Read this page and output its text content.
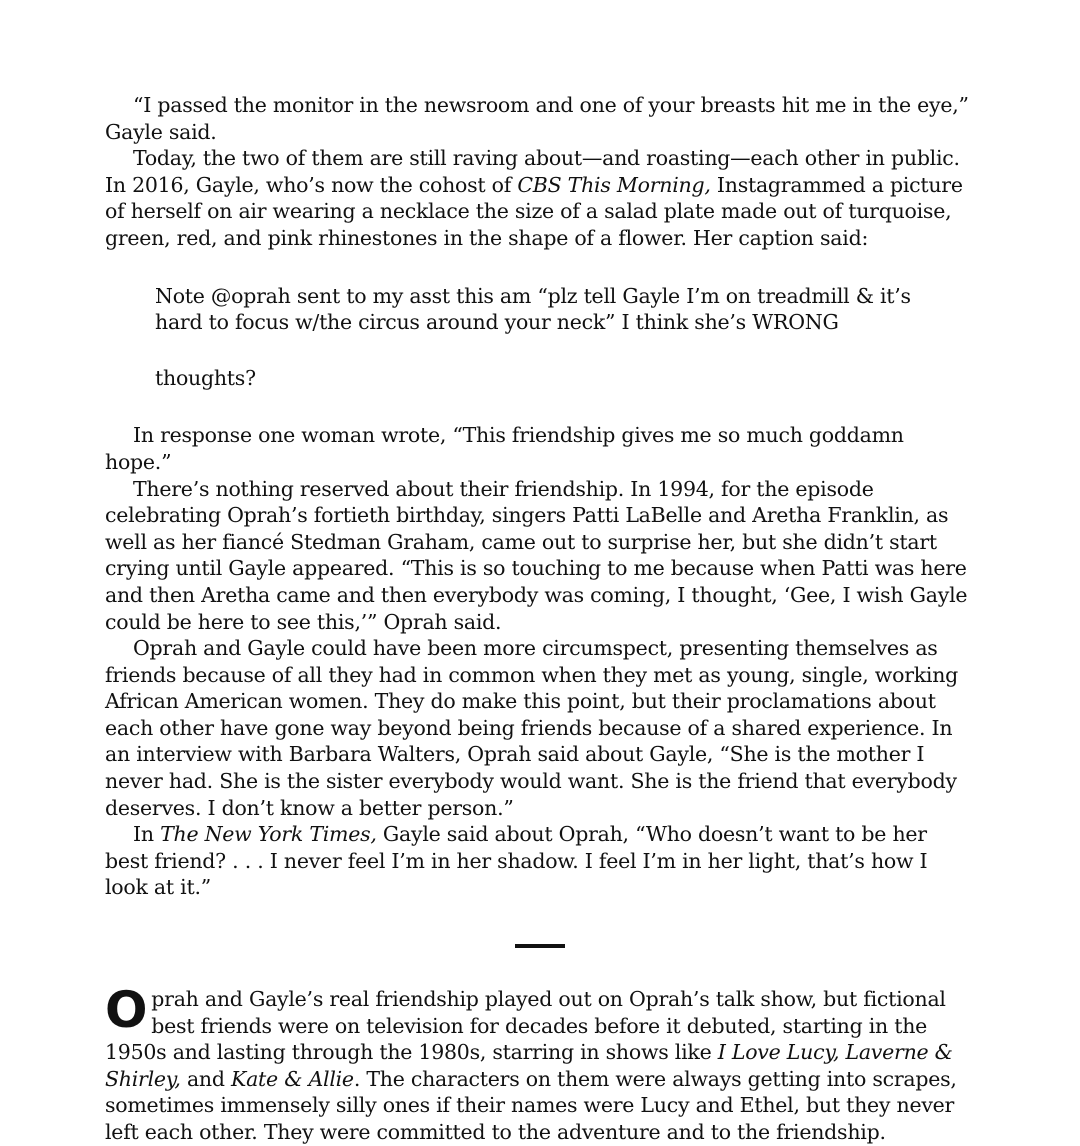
“I passed the monitor in the newsroom and one of your breasts hit me in the eye,” Gayle said.

Today, the two of them are still raving about—and roasting—each other in public. In 2016, Gayle, who’s now the cohost of CBS This Morning, Instagrammed a picture of herself on air wearing a necklace the size of a salad plate made out of turquoise, green, red, and pink rhinestones in the shape of a flower. Her caption said:

Note @oprah sent to my asst this am “plz tell Gayle I’m on treadmill & it’s hard to focus w/the circus around your neck” I think she’s WRONG

thoughts?

In response one woman wrote, “This friendship gives me so much goddamn hope.”

There’s nothing reserved about their friendship. In 1994, for the episode celebrating Oprah’s fortieth birthday, singers Patti LaBelle and Aretha Franklin, as well as her fiancé Stedman Graham, came out to surprise her, but she didn’t start crying until Gayle appeared. “This is so touching to me because when Patti was here and then Aretha came and then everybody was coming, I thought, ‘Gee, I wish Gayle could be here to see this,’” Oprah said.

Oprah and Gayle could have been more circumspect, presenting themselves as friends because of all they had in common when they met as young, single, working African American women. They do make this point, but their proclamations about each other have gone way beyond being friends because of a shared experience. In an interview with Barbara Walters, Oprah said about Gayle, “She is the mother I never had. She is the sister everybody would want. She is the friend that everybody deserves. I don’t know a better person.”

In The New York Times, Gayle said about Oprah, “Who doesn’t want to be her best friend? . . . I never feel I’m in her shadow. I feel I’m in her light, that’s how I look at it.”

Oprah and Gayle’s real friendship played out on Oprah’s talk show, but fictional best friends were on television for decades before it debuted, starting in the 1950s and lasting through the 1980s, starring in shows like I Love Lucy, Laverne & Shirley, and Kate & Allie. The characters on them were always getting into scrapes, sometimes immensely silly ones if their names were Lucy and Ethel, but they never left each other. They were committed to the adventure and to the friendship.
